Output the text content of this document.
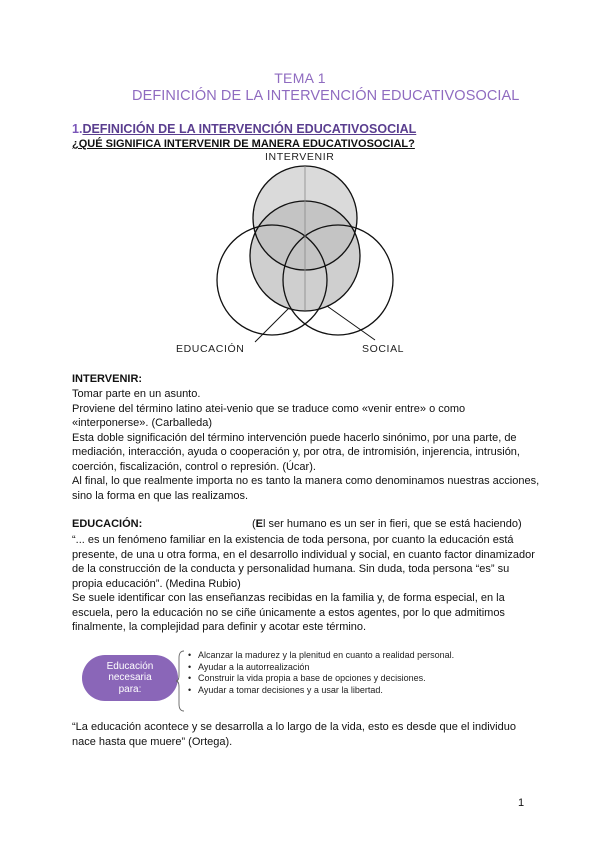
TEMA 1
DEFINICIÓN DE LA INTERVENCIÓN EDUCATIVOSOCIAL
1.DEFINICIÓN DE LA INTERVENCIÓN EDUCATIVOSOCIAL
¿QUÉ SIGNIFICA INTERVENIR DE MANERA EDUCATIVOSOCIAL?
INTERVENIR
EDUCACIÓN	SOCIAL
INTERVENIR:

Tomar parte en un asunto.

Proviene del término latino atei-venio que se traduce como «venir entre» o como «interponerse». (Carballeda)

Esta doble significación del término intervención puede hacerlo sinónimo, por una parte, de mediación, interacción, ayuda o cooperación y, por otra, de intromisión, injerencia, intrusión, coerción, fiscalización, control o represión. (Úcar).

Al final, lo que realmente importa no es tanto la manera como denominamos nuestras acciones, sino la forma en que las realizamos.

EDUCACIÓN:	(El ser humano es un ser in fieri, que se está haciendo)

“... es un fenómeno familiar en la existencia de toda persona, por cuanto la educación está presente, de una u otra forma, en el desarrollo individual y social, en cuanto factor dinamizador de la construcción de la conducta y personalidad humana. Sin duda, toda persona “es” su propia educación”. (Medina Rubio)

Se suele identificar con las enseñanzas recibidas en la familia y, de forma especial, en la escuela, pero la educación no se ciñe únicamente a estos agentes, por lo que admitimos finalmente, la complejidad para definir y acotar este término.

Educación
necesaria
para:
• Alcanzar la madurez y la plenitud en cuanto a realidad personal.
• Ayudar a la autorrealización
• Construir la vida propia a base de opciones y decisiones.
• Ayudar a tomar decisiones y a usar la libertad.
“La educación acontece y se desarrolla a lo largo de la vida, esto es desde que el individuo nace hasta que muere” (Ortega).
1
